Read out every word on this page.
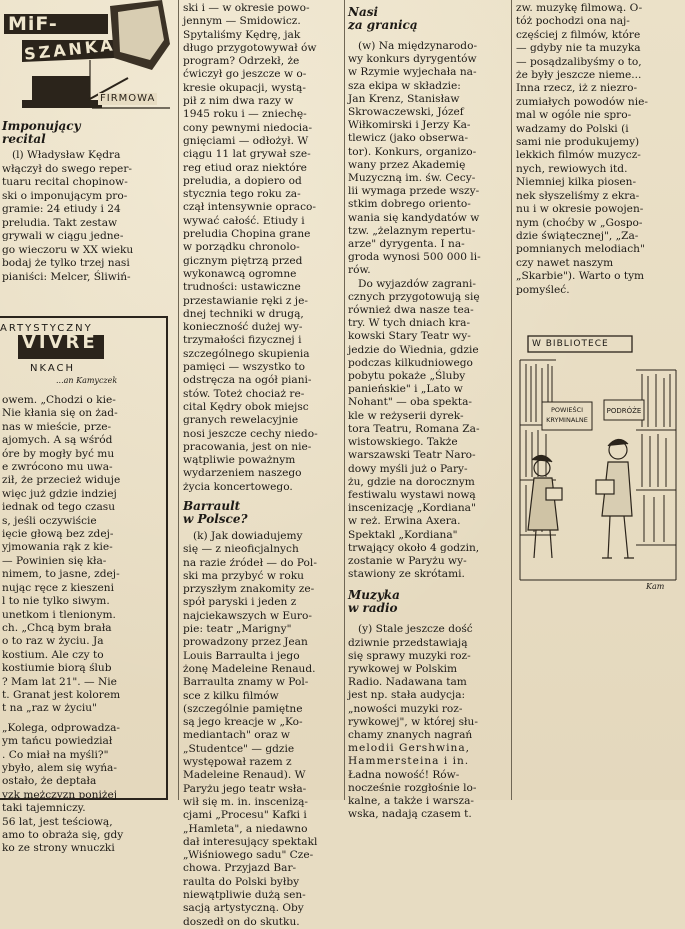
MiF-
SZANKA
FIRMOWA

Imponujący
recital

(l) Władysław Kędra

włączył do swego reper-

tuaru recital chopinow-

ski o imponującym pro-

gramie: 24 etiudy i 24

preludia. Takt zestaw

grywali w ciągu jedne-

go wieczoru w XX wieku

bodaj że tylko trzej nasi

pianiści: Melcer, Śliwiń-

ARTYSTYCZNY
VIVRE
NKACH
...an Kamyczek

owem. „Chodzi o kie-

Nie kłania się on żad-

nas w mieście, prze-

ajomych. A są wśród

óre by mogły być mu

e zwrócono mu uwa-

ził, że przecież widuje

więc już gdzie indziej

iednak od tego czasu

s, jeśli oczywiście

ięcie głową bez zdej-

yjmowania rąk z kie-

— Powinien się kła-

nimem, to jasne, zdej-

nując ręce z kieszeni

l to nie tylko siwym.

unetkom i tlenionym.

ch. „Chcą bym brała

o to raz w życiu. Ja

kostium. Ale czy to

kostiumie biorą ślub

? Mam lat 21". — Nie

t. Granat jest kolorem

t na „raz w życiu"

„Kolega, odprowadza-

ym tańcu powiedział

. Co miał na myśli?"

ybyło, alem się wyńa-

ostało, że deptała

yzk mężczyzn poniżej

taki tajemniczy.

56 lat, jest teściową,

amo to obraża się, gdy

ko ze strony wnuczki

ski i — w okresie powo-

jennym — Smidowicz.

Spytaliśmy Kędrę, jak

długo przygotowywał ów

program? Odrzekł, że

ćwiczył go jeszcze w o-

kresie okupacji, wystą-

pił z nim dwa razy w

1945 roku i — zniechę-

cony pewnymi niedocia-

gnięciami — odłożył. W

ciągu 11 lat grywał sze-

reg etiud oraz niektóre

preludia, a dopiero od

stycznia tego roku za-

czął intensywnie opraco-

wywać całość. Etiudy i

preludia Chopina grane

w porządku chronolo-

gicznym piętrzą przed

wykonawcą ogromne

trudności: ustawiczne

przestawianie ręki z je-

dnej techniki w drugą,

konieczność dużej wy-

trzymałości fizycznej i

szczególnego skupienia

pamięci — wszystko to

odstręcza na ogół piani-

stów. Toteż chociaż re-

cital Kędry obok miejsc

granych rewelacyjnie

nosi jeszcze cechy niedo-

pracowania, jest on nie-

wątpliwie poważnym

wydarzeniem naszego

życia koncertowego.

Barrault
w Polsce?

(k) Jak dowiadujemy

się — z nieoficjalnych

na razie źródeł — do Pol-

ski ma przybyć w roku

przyszłym znakomity ze-

spół paryski i jeden z

najciekawszych w Euro-

pie: teatr „Marigny"

prowadzony przez Jean

Louis Barraulta i jego

żonę Madeleine Renaud.

Barraulta znamy w Pol-

sce z kilku filmów

(szczególnie pamiętne

są jego kreacje w „Ko-

mediantach" oraz w

„Studentce" — gdzie

występował razem z

Madeleine Renaud). W

Paryżu jego teatr wsła-

wił się m. in. inscenizą-

cjami „Procesu" Kafki i

„Hamleta", a niedawno

dał interesujący spektakl

„Wiśniowego sadu" Cze-

chowa. Przyjazd Bar-

raulta do Polski byłby

niewątpliwie dużą sen-

sacją artystyczną. Oby

doszedł on do skutku.

Nasi
za granicą

(w) Na międzynarodo-

wy konkurs dyrygentów

w Rzymie wyjechała na-

sza ekipa w składzie:

Jan Krenz, Stanisław

Skrowaczewski, Józef

Wiłkomirski i Jerzy Ka-

tlewicz (jako obserwa-

tor). Konkurs, organizo-

wany przez Akademię

Muzyczną im. św. Cecy-

lii wymaga przede wszy-

stkim dobrego oriento-

wania się kandydatów w

tzw. „żelaznym repertu-

arze" dyrygenta. I na-

groda wynosi 500 000 li-

rów.

Do wyjazdów zagrani-

cznych przygotowują się

również dwa nasze tea-

try. W tych dniach kra-

kowski Stary Teatr wy-

jedzie do Wiednia, gdzie

podczas kilkudniowego

pobytu pokaże „Śluby

panieńskie" i „Lato w

Nohant" — oba spekta-

kle w reżyserii dyrek-

tora Teatru, Romana Za-

wistowskiego. Także

warszawski Teatr Naro-

dowy myśli już o Pary-

żu, gdzie na dorocznym

festiwalu wystawi nową

inscenizację „Kordiana"

w reż. Erwina Axera.

Spektakl „Kordiana"

trwający około 4 godzin,

zostanie w Paryżu wy-

stawiony ze skrótami.

Muzyka
w radio

(y) Stale jeszcze dość

dziwnie przedstawiają

się sprawy muzyki roz-

rywkowej w Polskim

Radio. Nadawana tam

jest np. stała audycja:

„nowości muzyki roz-

rywkowej", w której słu-

chamy znanych nagrań

melodii Gershwina,

Hammersteina i in.

Ładna nowość! Rów-

nocześnie rozgłośnie lo-

kalne, a także i warsza-

wska, nadają czasem t.

zw. muzykę filmową. O-

tóż pochodzi ona naj-

częściej z filmów, które

— gdyby nie ta muzyka

— posądzalibyśmy o to,

że były jeszcze nieme...

Inna rzecz, iż z niezro-

zumiałych powodów nie-

mal w ogóle nie spro-

wadzamy do Polski (i

sami nie produkujemy)

lekkich filmów muzycz-

nych, rewiowych itd.

Niemniej kilka piosen-

nek słyszeliśmy z ekra-

nu i w okresie powojen-

nym (choćby w „Gospo-

dzie świątecznej", „Za-

pomnianych melodiach"

czy nawet naszym

„Skarbie"). Warto o tym

pomyśleć.

W BIBLIOTECE
POWIEŚCI
KRYMINALNE
PODRÓŻE
Kam
